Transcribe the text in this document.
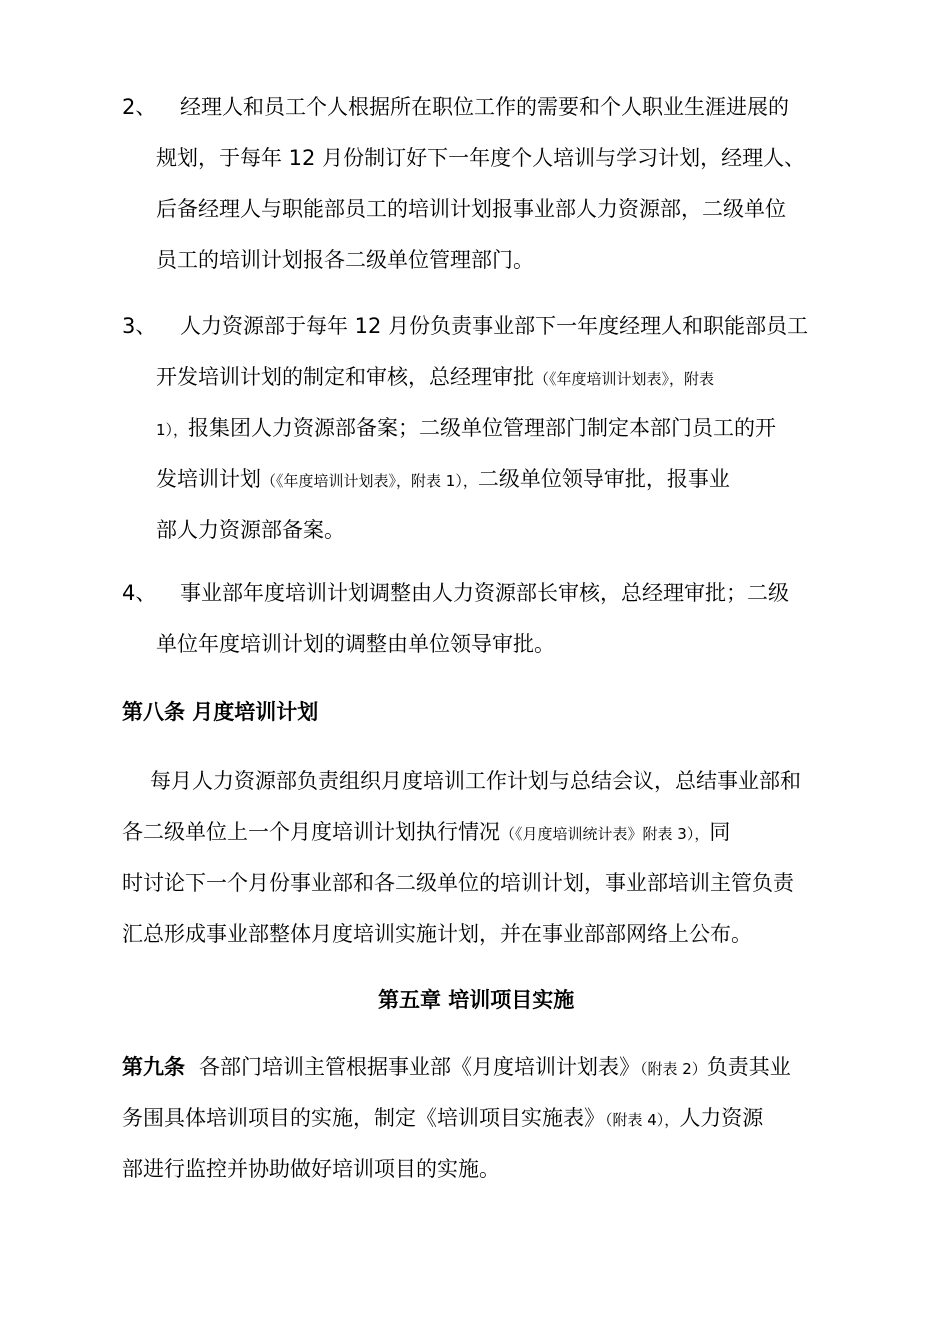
2、 经理人和员工个人根据所在职位工作的需要和个人职业生涯进展的
规划，于每年 12 月份制订好下一年度个人培训与学习计划，经理人、
后备经理人与职能部员工的培训计划报事业部人力资源部，二级单位
员工的培训计划报各二级单位管理部门。
3、 人力资源部于每年 12 月份负责事业部下一年度经理人和职能部员工
开发培训计划的制定和审核，总经理审批（《年度培训计划表》，附表
1），报集团人力资源部备案；二级单位管理部门制定本部门员工的开
发培训计划（《年度培训计划表》，附表 1），二级单位领导审批，报事业
部人力资源部备案。
4、 事业部年度培训计划调整由人力资源部长审核，总经理审批；二级
单位年度培训计划的调整由单位领导审批。
第八条 月度培训计划
每月人力资源部负责组织月度培训工作计划与总结会议，总结事业部和
各二级单位上一个月度培训计划执行情况（《月度培训统计表》附表 3），同
时讨论下一个月份事业部和各二级单位的培训计划，事业部培训主管负责
汇总形成事业部整体月度培训实施计划，并在事业部部网络上公布。
第五章 培训项目实施
第九条 各部门培训主管根据事业部《月度培训计划表》（附表 2）负责其业
务围具体培训项目的实施，制定《培训项目实施表》（附表 4），人力资源
部进行监控并协助做好培训项目的实施。
